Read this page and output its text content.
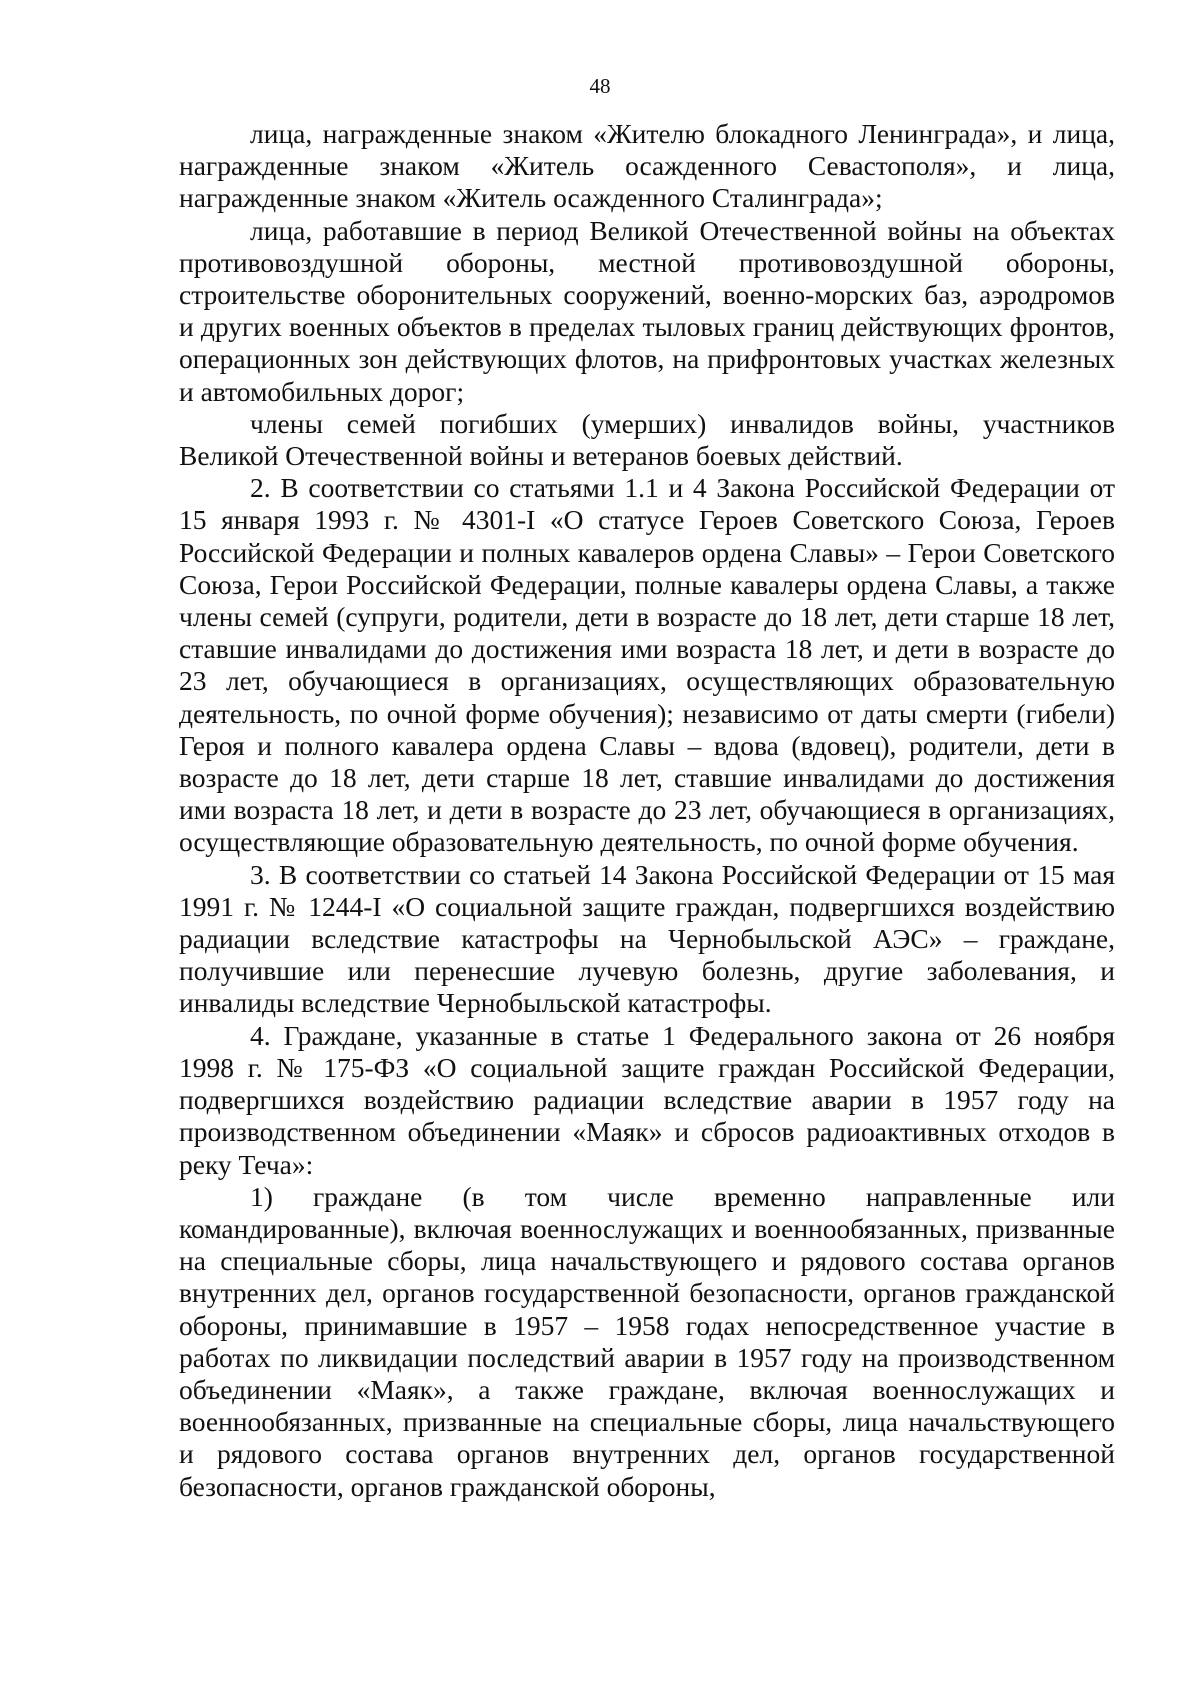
48

лица, награжденные знаком «Жителю блокадного Ленинграда», и лица, награжденные знаком «Житель осажденного Севастополя», и лица, награжденные знаком «Житель осажденного Сталинграда»;

лица, работавшие в период Великой Отечественной войны на объектах противовоздушной обороны, местной противовоздушной обороны, строительстве оборонительных сооружений, военно-морских баз, аэродромов и других военных объектов в пределах тыловых границ действующих фронтов, операционных зон действующих флотов, на прифронтовых участках железных и автомобильных дорог;

члены семей погибших (умерших) инвалидов войны, участников Великой Отечественной войны и ветеранов боевых действий.

2. В соответствии со статьями 1.1 и 4 Закона Российской Федерации от 15 января 1993 г. № 4301-I «О статусе Героев Советского Союза, Героев Российской Федерации и полных кавалеров ордена Славы» – Герои Советского Союза, Герои Российской Федерации, полные кавалеры ордена Славы, а также члены семей (супруги, родители, дети в возрасте до 18 лет, дети старше 18 лет, ставшие инвалидами до достижения ими возраста 18 лет, и дети в возрасте до 23 лет, обучающиеся в организациях, осуществляющих образовательную деятельность, по очной форме обучения); независимо от даты смерти (гибели) Героя и полного кавалера ордена Славы – вдова (вдовец), родители, дети в возрасте до 18 лет, дети старше 18 лет, ставшие инвалидами до достижения ими возраста 18 лет, и дети в возрасте до 23 лет, обучающиеся в организациях, осуществляющие образовательную деятельность, по очной форме обучения.

3. В соответствии со статьей 14 Закона Российской Федерации от 15 мая 1991 г. № 1244-I «О социальной защите граждан, подвергшихся воздействию радиации вследствие катастрофы на Чернобыльской АЭС» – граждане, получившие или перенесшие лучевую болезнь, другие заболевания, и инвалиды вследствие Чернобыльской катастрофы.

4. Граждане, указанные в статье 1 Федерального закона от 26 ноября 1998 г. № 175-ФЗ «О социальной защите граждан Российской Федерации, подвергшихся воздействию радиации вследствие аварии в 1957 году на производственном объединении «Маяк» и сбросов радиоактивных отходов в реку Теча»:

1) граждане (в том числе временно направленные или командированные), включая военнослужащих и военнообязанных, призванные на специальные сборы, лица начальствующего и рядового состава органов внутренних дел, органов государственной безопасности, органов гражданской обороны, принимавшие в 1957 – 1958 годах непосредственное участие в работах по ликвидации последствий аварии в 1957 году на производственном объединении «Маяк», а также граждане, включая военнослужащих и военнообязанных, призванные на специальные сборы, лица начальствующего и рядового состава органов внутренних дел, органов государственной безопасности, органов гражданской обороны,
